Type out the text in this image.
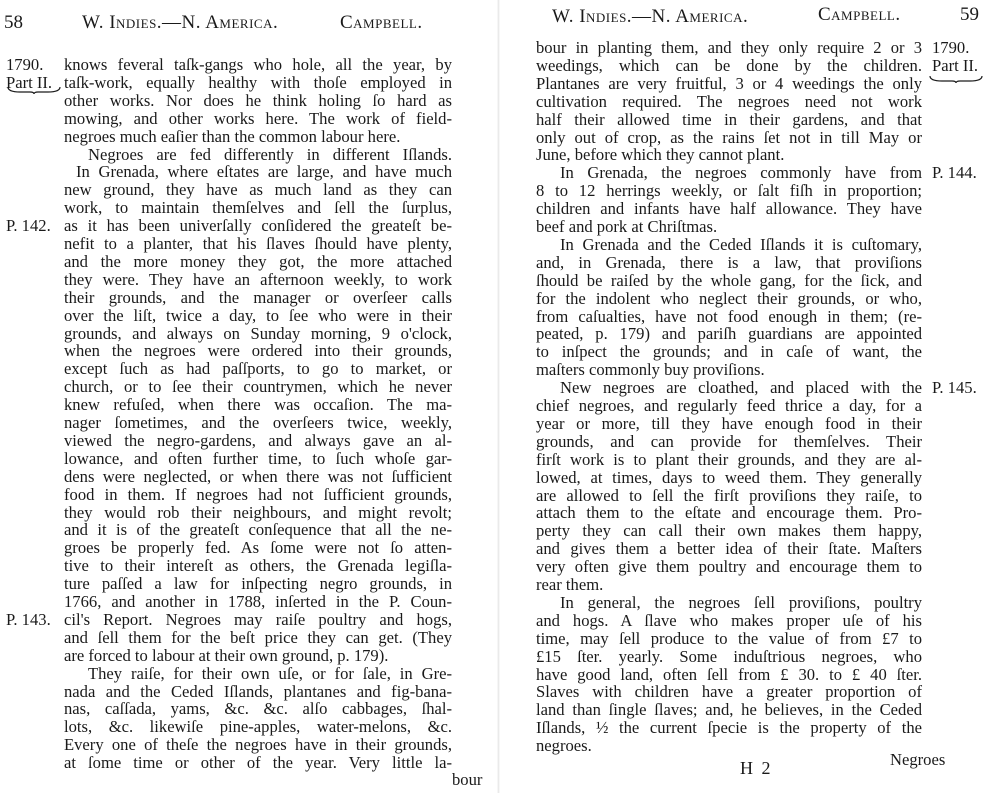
58	W. Indies.—N. America.	Campbell.
1790.
Part II.
P. 142.
P. 143.
knows feveral taſk-gangs who hole, all the year, by
taſk-work, equally healthy with thoſe employed in
other works. Nor does he think holing ſo hard as
mowing, and other works here. The work of field-
negroes much eaſier than the common labour here.
Negroes are fed differently in different Iſlands.
In Grenada, where eſtates are large, and have much
new ground, they have as much land as they can
work, to maintain themſelves and ſell the ſurplus,
as it has been univerſally conſidered the greateſt be-
nefit to a planter, that his ſlaves ſhould have plenty,
and the more money they got, the more attached
they were. They have an afternoon weekly, to work
their grounds, and the manager or overſeer calls
over the liſt, twice a day, to ſee who were in their
grounds, and always on Sunday morning, 9 o'clock,
when the negroes were ordered into their grounds,
except ſuch as had paſſports, to go to market, or
church, or to ſee their countrymen, which he never
knew refuſed, when there was occaſion. The ma-
nager ſometimes, and the overſeers twice, weekly,
viewed the negro-gardens, and always gave an al-
lowance, and often further time, to ſuch whoſe gar-
dens were neglected, or when there was not ſufficient
food in them. If negroes had not ſufficient grounds,
they would rob their neighbours, and might revolt;
and it is of the greateſt conſequence that all the ne-
groes be properly fed. As ſome were not ſo atten-
tive to their intereſt as others, the Grenada legiſla-
ture paſſed a law for inſpecting negro grounds, in
1766, and another in 1788, inſerted in the P. Coun-
cil's Report. Negroes may raiſe poultry and hogs,
and ſell them for the beſt price they can get. (They
are forced to labour at their own ground, p. 179).
They raiſe, for their own uſe, or for ſale, in Gre-
nada and the Ceded Iſlands, plantanes and fig-bana-
nas, caſſada, yams, &c. &c. alſo cabbages, ſhal-
lots, &c. likewiſe pine-apples, water-melons, &c.
Every one of theſe the negroes have in their grounds,
at ſome time or other of the year. Very little la-
bour
W. Indies.—N. America.	Campbell.	59
1790.
Part II.
P. 144.
P. 145.
bour in planting them, and they only require 2 or 3
weedings, which can be done by the children.
Plantanes are very fruitful, 3 or 4 weedings the only
cultivation required. The negroes need not work
half their allowed time in their gardens, and that
only out of crop, as the rains ſet not in till May or
June, before which they cannot plant.
In Grenada, the negroes commonly have from
8 to 12 herrings weekly, or ſalt fiſh in proportion;
children and infants have half allowance. They have
beef and pork at Chriſtmas.
In Grenada and the Ceded Iſlands it is cuſtomary,
and, in Grenada, there is a law, that proviſions
ſhould be raiſed by the whole gang, for the ſick, and
for the indolent who neglect their grounds, or who,
from caſualties, have not food enough in them; (re-
peated, p. 179) and pariſh guardians are appointed
to inſpect the grounds; and in caſe of want, the
maſters commonly buy proviſions.
New negroes are cloathed, and placed with the
chief negroes, and regularly feed thrice a day, for a
year or more, till they have enough food in their
grounds, and can provide for themſelves. Their
firſt work is to plant their grounds, and they are al-
lowed, at times, days to weed them. They generally
are allowed to ſell the firſt proviſions they raiſe, to
attach them to the eſtate and encourage them. Pro-
perty they can call their own makes them happy,
and gives them a better idea of their ſtate. Maſters
very often give them poultry and encourage them to
rear them.
In general, the negroes ſell proviſions, poultry
and hogs. A ſlave who makes proper uſe of his
time, may ſell produce to the value of from £7 to
£15 ſter. yearly. Some induſtrious negroes, who
have good land, often ſell from £ 30. to £ 40 ſter.
Slaves with children have a greater proportion of
land than ſingle ſlaves; and, he believes, in the Ceded
Iſlands, ½ the current ſpecie is the property of the
negroes.
H 2	Negroes
